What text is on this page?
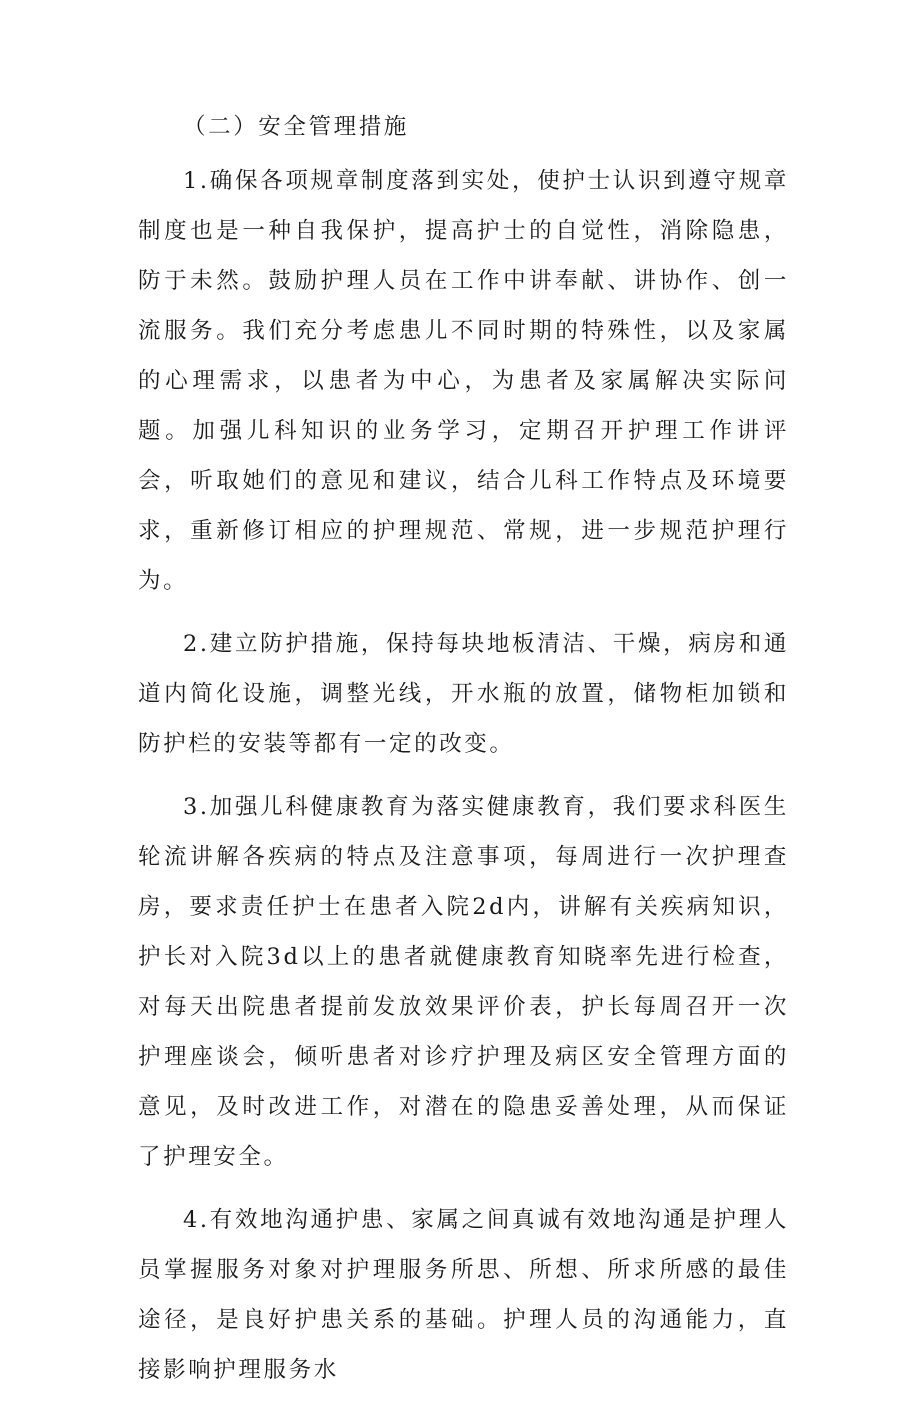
（二）安全管理措施

1.确保各项规章制度落到实处，使护士认识到遵守规章制度也是一种自我保护，提高护士的自觉性，消除隐患，防于未然。鼓励护理人员在工作中讲奉献、讲协作、创一流服务。我们充分考虑患儿不同时期的特殊性，以及家属的心理需求，以患者为中心，为患者及家属解决实际问题。加强儿科知识的业务学习，定期召开护理工作讲评会，听取她们的意见和建议，结合儿科工作特点及环境要求，重新修订相应的护理规范、常规，进一步规范护理行为。

2.建立防护措施，保持每块地板清洁、干燥，病房和通道内简化设施，调整光线，开水瓶的放置，储物柜加锁和防护栏的安装等都有一定的改变。

3.加强儿科健康教育为落实健康教育，我们要求科医生轮流讲解各疾病的特点及注意事项，每周进行一次护理查房，要求责任护士在患者入院2d内，讲解有关疾病知识，护长对入院3d以上的患者就健康教育知晓率先进行检查，对每天出院患者提前发放效果评价表，护长每周召开一次护理座谈会，倾听患者对诊疗护理及病区安全管理方面的意见，及时改进工作，对潜在的隐患妥善处理，从而保证了护理安全。

4.有效地沟通护患、家属之间真诚有效地沟通是护理人员掌握服务对象对护理服务所思、所想、所求所感的最佳途径，是良好护患关系的基础。护理人员的沟通能力，直接影响护理服务水
